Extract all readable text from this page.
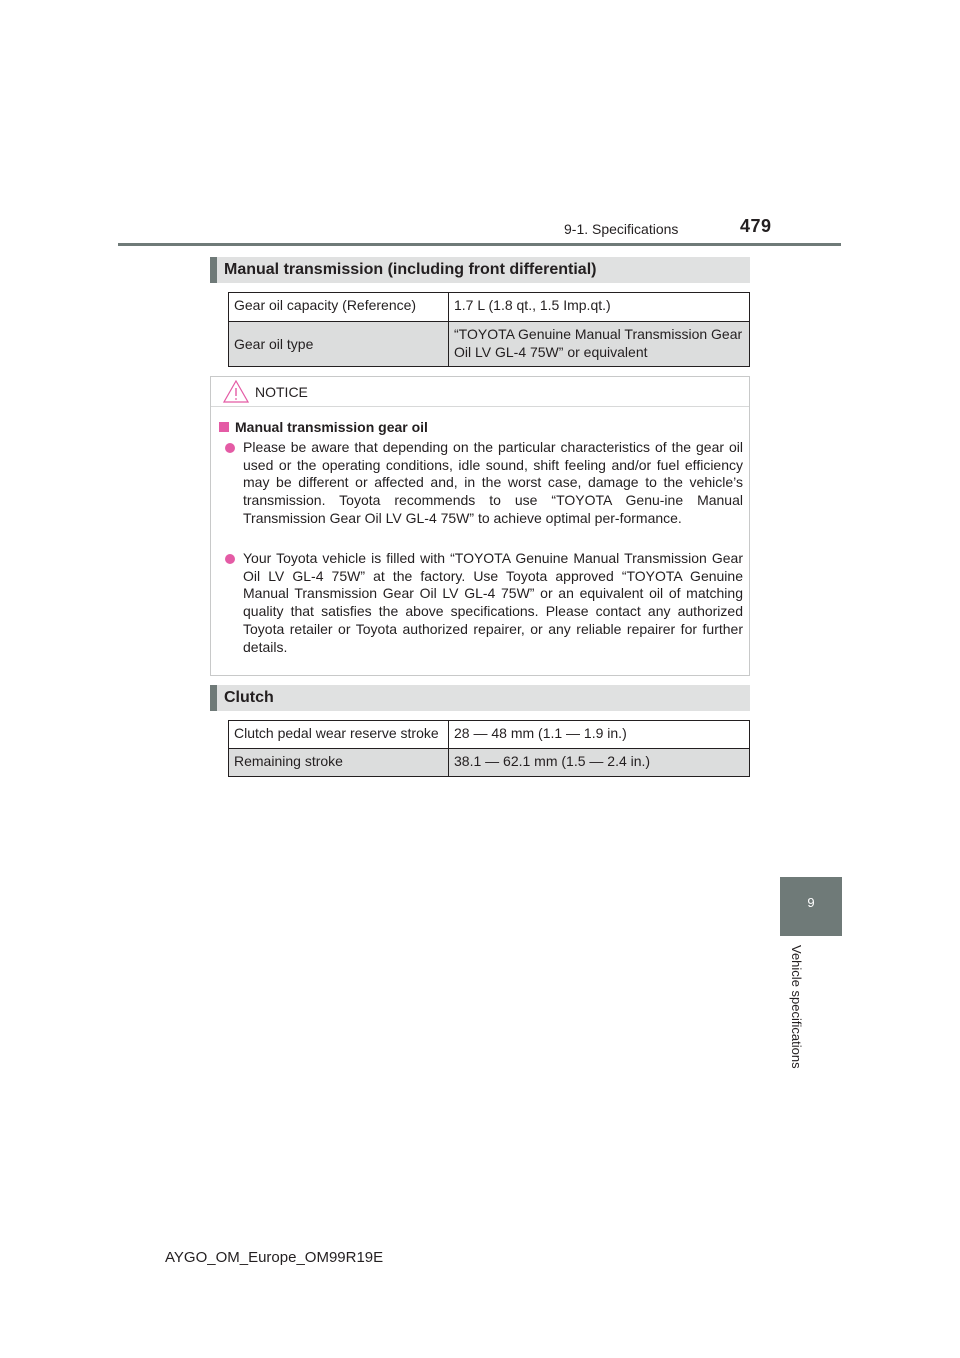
9-1. Specifications	479
Manual transmission (including front differential)
Gear oil capacity (Reference)	1.7 L (1.8 qt., 1.5 Imp.qt.)
Gear oil type	“TOYOTA Genuine Manual Transmission Gear Oil LV GL-4 75W” or equivalent
NOTICE
Manual transmission gear oil
Please be aware that depending on the particular characteristics of the gear oil used or the operating conditions, idle sound, shift feeling and/or fuel efficiency may be different or affected and, in the worst case, damage to the vehicle’s transmission. Toyota recommends to use “TOYOTA Genu-ine Manual Transmission Gear Oil LV GL-4 75W” to achieve optimal per-formance.
Your Toyota vehicle is filled with “TOYOTA Genuine Manual Transmission Gear Oil LV GL-4 75W” at the factory. Use Toyota approved “TOYOTA Genuine Manual Transmission Gear Oil LV GL-4 75W” or an equivalent oil of matching quality that satisfies the above specifications. Please contact any authorized Toyota retailer or Toyota authorized repairer, or any reliable repairer for further details.
Clutch
Clutch pedal wear reserve stroke	28 — 48 mm (1.1 — 1.9 in.)
Remaining stroke	38.1 — 62.1 mm (1.5 — 2.4 in.)
9
Vehicle specifications
AYGO_OM_Europe_OM99R19E
